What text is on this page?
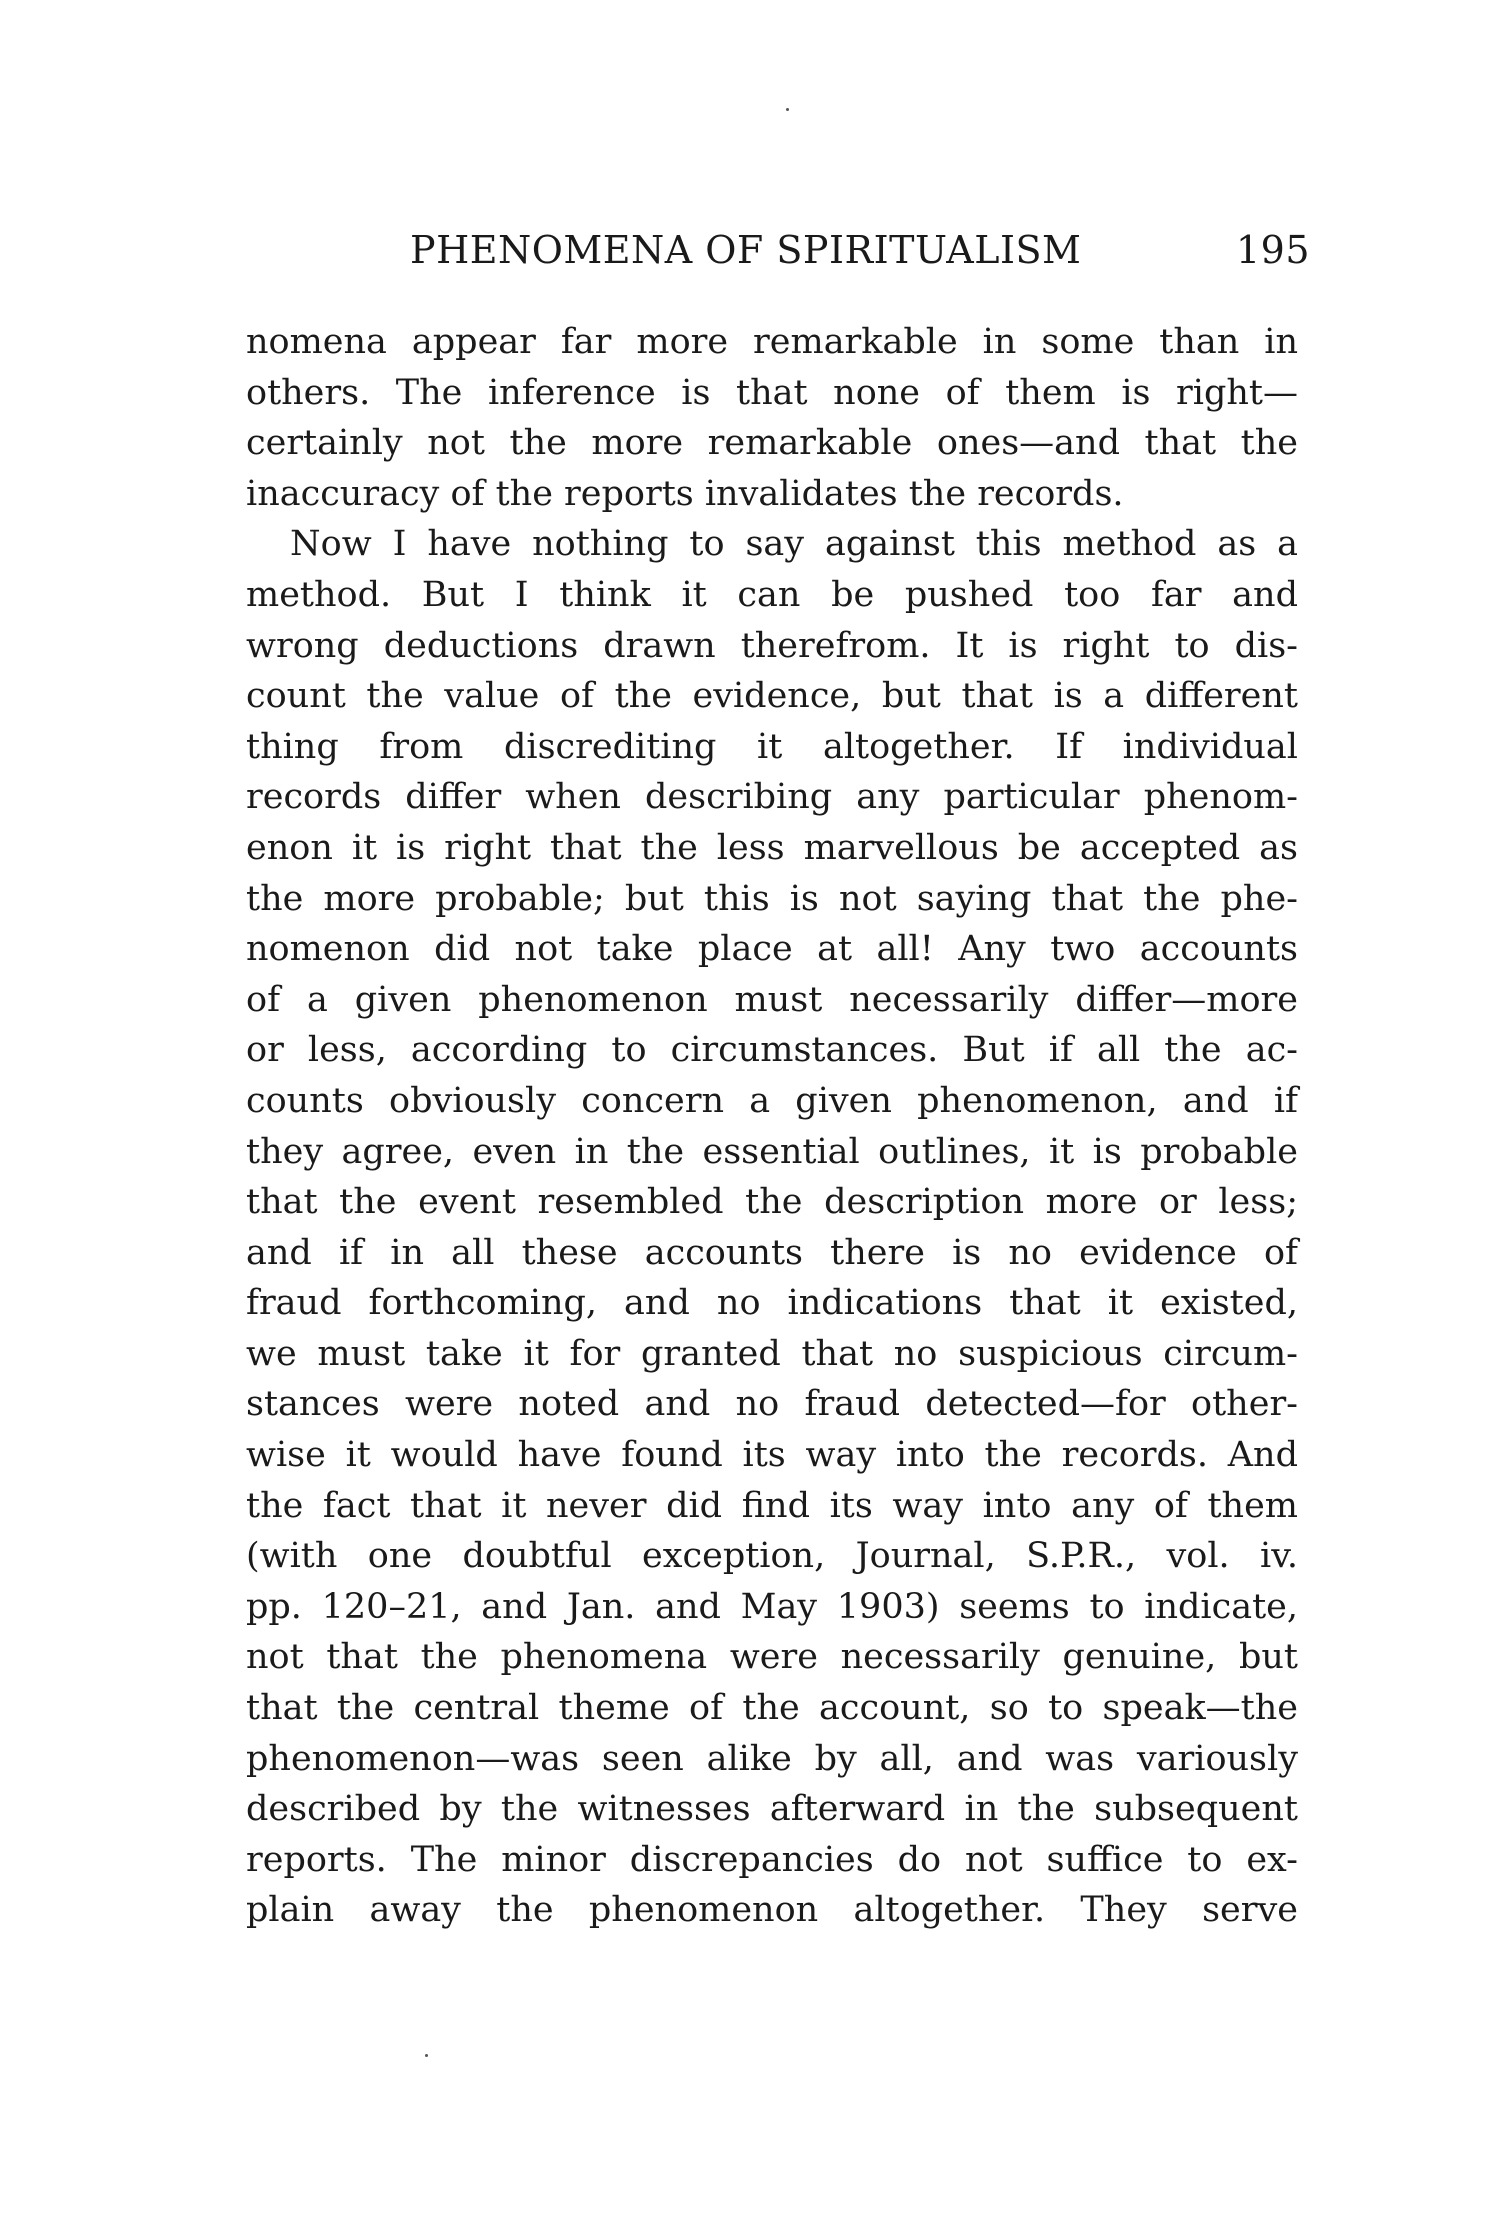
PHENOMENA OF SPIRITUALISM	195
nomena appear far more remarkable in some than in
others. The inference is that none of them is right—
certainly not the more remarkable ones—and that the
inaccuracy of the reports invalidates the records.
Now I have nothing to say against this method as a
method. But I think it can be pushed too far and
wrong deductions drawn therefrom. It is right to dis-
count the value of the evidence, but that is a different
thing from discrediting it altogether. If individual
records differ when describing any particular phenom-
enon it is right that the less marvellous be accepted as
the more probable; but this is not saying that the phe-
nomenon did not take place at all! Any two accounts
of a given phenomenon must necessarily differ—more
or less, according to circumstances. But if all the ac-
counts obviously concern a given phenomenon, and if
they agree, even in the essential outlines, it is probable
that the event resembled the description more or less;
and if in all these accounts there is no evidence of
fraud forthcoming, and no indications that it existed,
we must take it for granted that no suspicious circum-
stances were noted and no fraud detected—for other-
wise it would have found its way into the records. And
the fact that it never did find its way into any of them
(with one doubtful exception, Journal, S.P.R., vol. iv.
pp. 120–21, and Jan. and May 1903) seems to indicate,
not that the phenomena were necessarily genuine, but
that the central theme of the account, so to speak—the
phenomenon—was seen alike by all, and was variously
described by the witnesses afterward in the subsequent
reports. The minor discrepancies do not suffice to ex-
plain away the phenomenon altogether. They serve
